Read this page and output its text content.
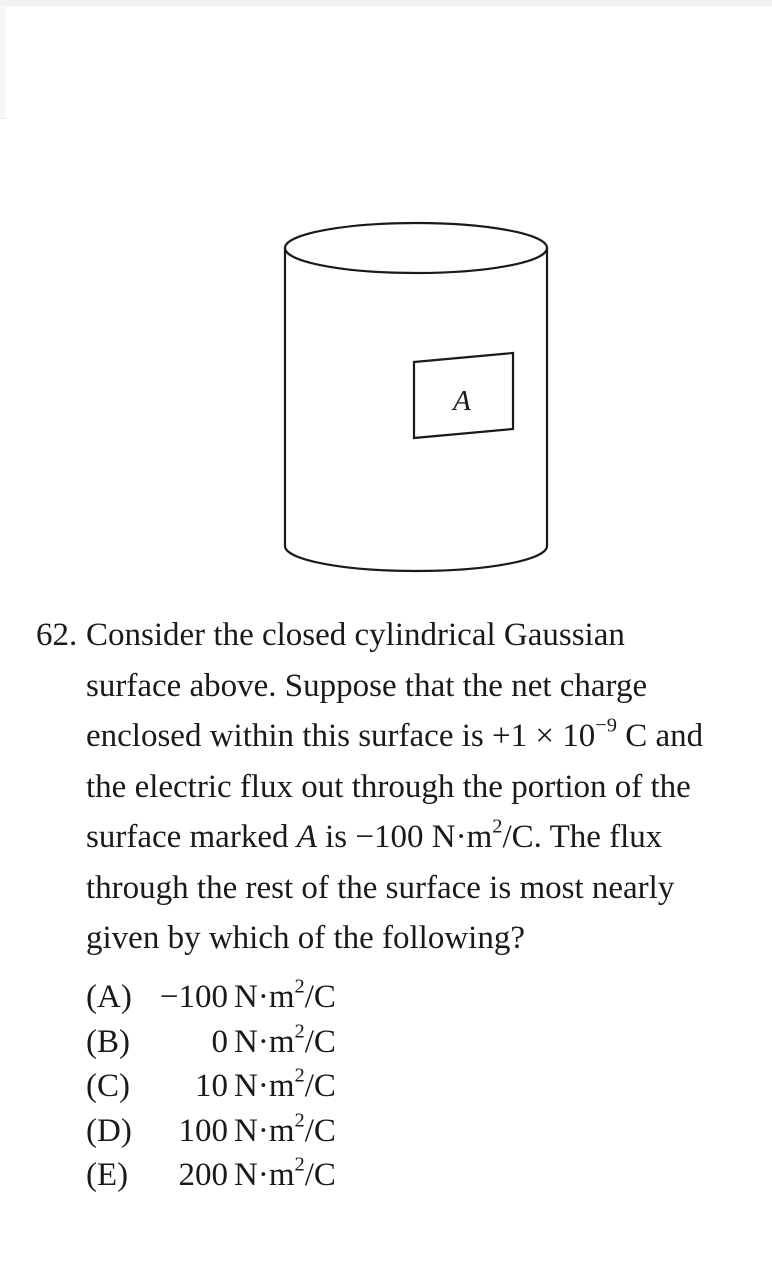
A
62. Consider the closed cylindrical Gaussian
surface above. Suppose that the net charge
enclosed within this surface is $+1 \times 10^{-9}$ C and
the electric flux out through the portion of the
surface marked A is −100 $N\cdot m^2/C$. The flux
through the rest of the surface is most nearly
given by which of the following?
(A) −100 $N\cdot m^2/C$
(B)	0 $N\cdot m^2/C$
(C)	10 $N\cdot m^2/C$
(D)	100 $N\cdot m^2/C$
(E)	200 $N\cdot m^2/C$
